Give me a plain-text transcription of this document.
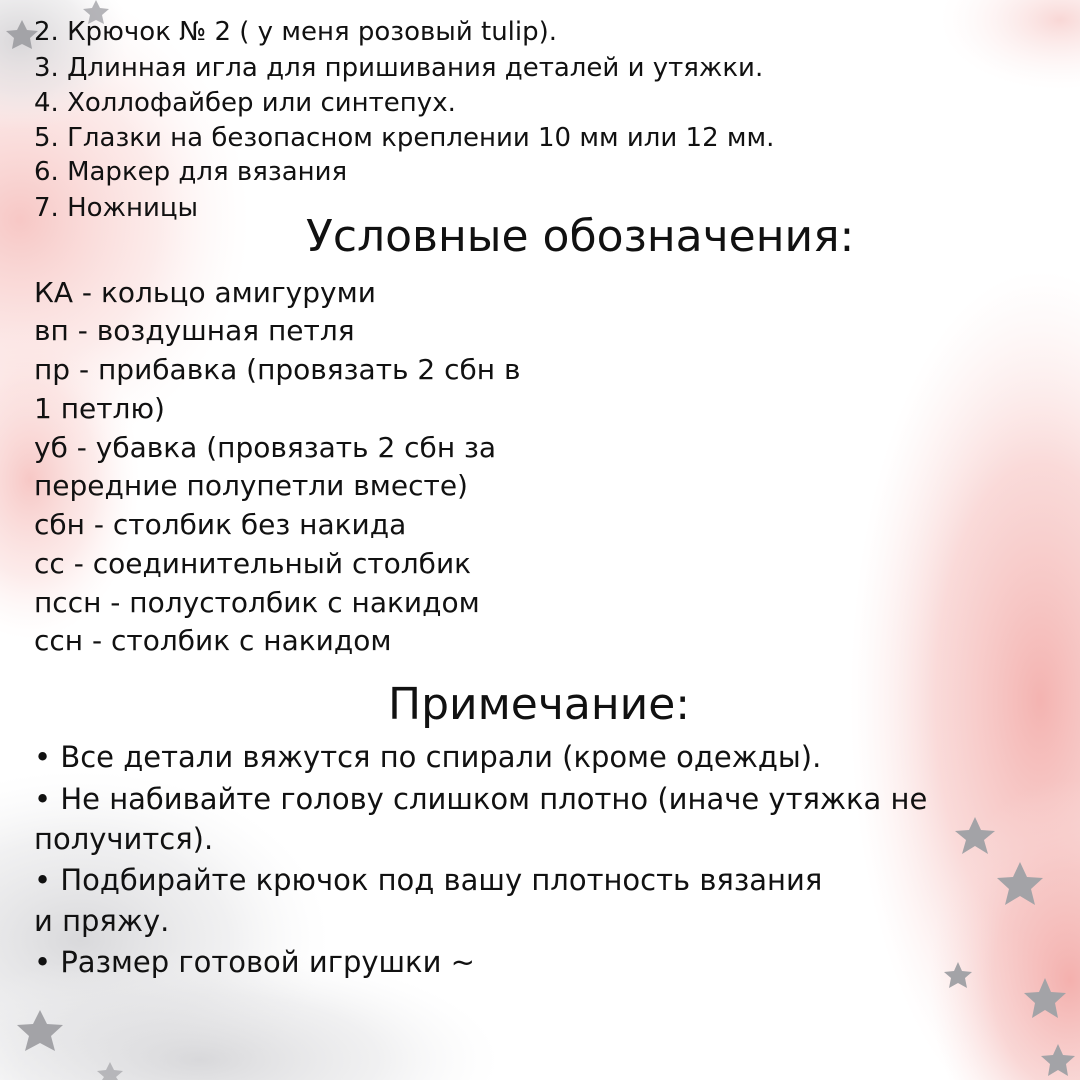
2. Крючок № 2 ( у меня розовый tulip).
3. Длинная игла для пришивания деталей и утяжки.
4. Холлофайбер или синтепух.
5. Глазки на безопасном креплении 10 мм или 12 мм.
6. Маркер для вязания
7. Ножницы
Условные обозначения:
КА - кольцо амигуруми
вп - воздушная петля
пр - прибавка (провязать 2 сбн в
1 петлю)
уб - убавка (провязать 2 сбн за
передние полупетли вместе)
сбн - столбик без накида
сс - соединительный столбик
пссн - полустолбик с накидом
ссн - столбик с накидом
Примечание:
• Все детали вяжутся по спирали (кроме одежды).
• Не набивайте голову слишком плотно (иначе утяжка не
получится).
• Подбирайте крючок под вашу плотность вязания
и пряжу.
• Размер готовой игрушки ~
